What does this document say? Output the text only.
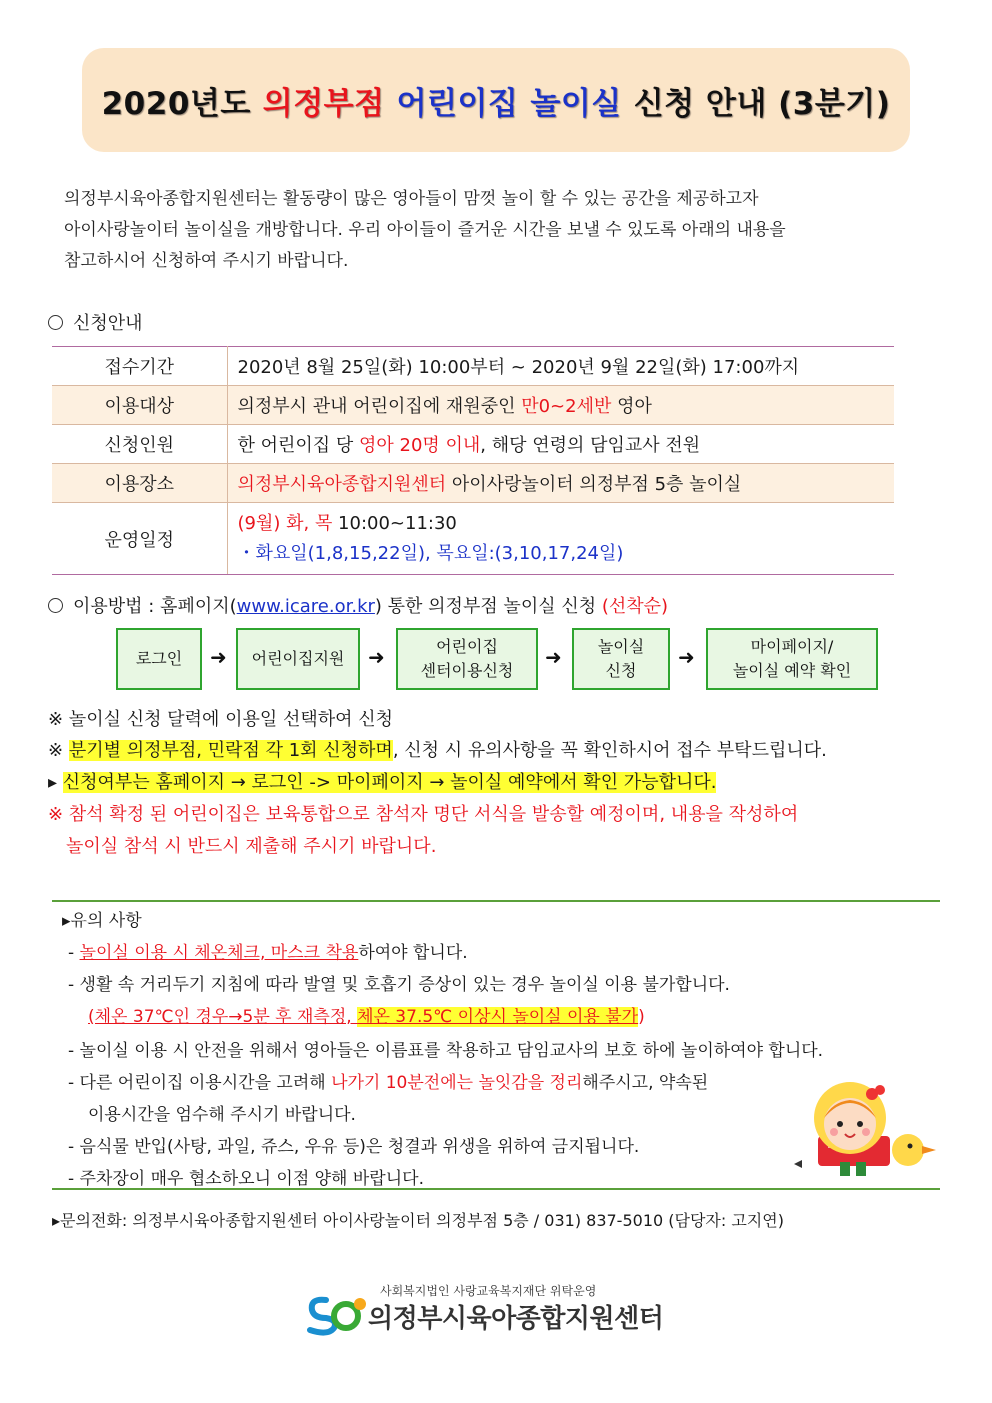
2020년도 의정부점 어린이집 놀이실 신청 안내 (3분기)
의정부시육아종합지원센터는 활동량이 많은 영아들이 맘껏 놀이 할 수 있는 공간을 제공하고자
아이사랑놀이터 놀이실을 개방합니다. 우리 아이들이 즐거운 시간을 보낼 수 있도록 아래의 내용을
참고하시어 신청하여 주시기 바랍니다.
신청안내
접수기간	2020년 8월 25일(화) 10:00부터 ~ 2020년 9월 22일(화) 17:00까지
이용대상	의정부시 관내 어린이집에 재원중인 만0~2세반 영아
신청인원	한 어린이집 당 영아 20명 이내, 해당 연령의 담임교사 전원
이용장소	의정부시육아종합지원센터 아이사랑놀이터 의정부점 5층 놀이실
운영일정	(9월) 화, 목 10:00~11:30
・화요일(1,8,15,22일), 목요일:(3,10,17,24일)
이용방법 : 홈페이지(www.icare.or.kr) 통한 의정부점 놀이실 신청 (선착순)
로그인	➜	어린이집지원	➜	어린이집
센터이용신청
➜ 놀이실
신청
➜	마이페이지/
놀이실 예약 확인
※ 놀이실 신청 달력에 이용일 선택하여 신청
※ 분기별 의정부점, 민락점 각 1회 신청하며, 신청 시 유의사항을 꼭 확인하시어 접수 부탁드립니다.
▸ 신청여부는 홈페이지 → 로그인 -> 마이페이지 → 놀이실 예약에서 확인 가능합니다.
※ 참석 확정 된 어린이집은 보육통합으로 참석자 명단 서식을 발송할 예정이며, 내용을 작성하여
놀이실 참석 시 반드시 제출해 주시기 바랍니다.
▸유의 사항
- 놀이실 이용 시 체온체크, 마스크 착용하여야 합니다.
- 생활 속 거리두기 지침에 따라 발열 및 호흡기 증상이 있는 경우 놀이실 이용 불가합니다.
(체온 37℃인 경우→5분 후 재측정, 체온 37.5℃ 이상시 놀이실 이용 불가)
- 놀이실 이용 시 안전을 위해서 영아들은 이름표를 착용하고 담임교사의 보호 하에 놀이하여야 합니다.
- 다른 어린이집 이용시간을 고려해 나가기 10분전에는 놀잇감을 정리해주시고, 약속된
이용시간을 엄수해 주시기 바랍니다.
- 음식물 반입(사탕, 과일, 쥬스, 우유 등)은 청결과 위생을 위하여 금지됩니다.
- 주차장이 매우 협소하오니 이점 양해 바랍니다.
▸문의전화: 의정부시육아종합지원센터 아이사랑놀이터 의정부점 5층 / 031) 837-5010 (담당자: 고지연)
사회복지법인 사랑교육복지재단 위탁운영
의정부시육아종합지원센터
